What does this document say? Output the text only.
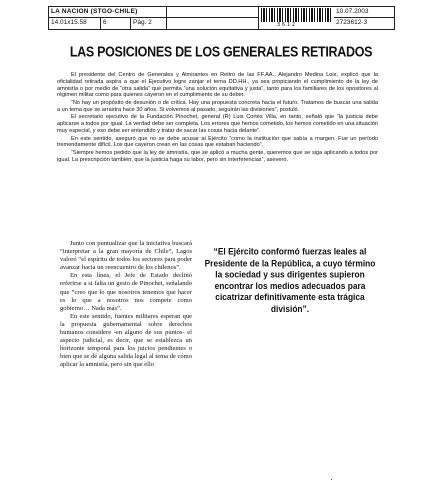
LA NACION (STGO-CHILE)
14.01x15.58	6	Pág. 2	3612
10.07.2003
2723612-3
LAS POSICIONES DE LOS GENERALES RETIRADOS

El presidente del Centro de Generales y Almirantes en Retiro de las FF.AA., Alejandro Medina Lois, explicó que la oficialidad retirada aspira a que el Ejecutivo logre zanjar el tema DD.HH., ya sea propiciando el cumplimiento de la ley de amnistía o por medio de “otra salida” que permita “una solución equitativa y justa”, tanto para los familiares de los opositores al régimen militar como para quienes cayeron en el cumplimiento de su deber.

“No hay un propósito de desunión o de crítica. Hay una propuesta concreta hacia el futuro. Tratamos de buscar una salida a un tema que se arrastra hace 30 años. Si volvemos al pasado, seguirán las divisiones”, postuló.

El secretario ejecutivo de la Fundación Pinochet, general (R) Luis Cortés Villa, en tanto, señaló que “la justicia debe aplicarse a todos por igual. La verdad debe ser completa. Los errores que hemos cometido, los hemos cometido en una situación muy especial, y eso debe ser entendido y tratar de sacar las cosas hacia delante”.

En este sentido, aseguró que no se debe acusar al Ejército “como la institución que sabía a margen. Fue un período tremendamente difícil. Los que cayeron crean en las cosas que estaban haciendo”.

“Siempre hemos pedido que la ley de amnistía, que se aplicó a mucha gente, queremos que se siga aplicando a todos por igual. La prescripción también, que la justicia haga su labor, pero sin interferencias”, aseveró.

Junto con puntualizar que la iniciativa buscará “interpretar a la gran mayoría de Chile”, Lagos valoró “el espíritu de todos los sectores para poder avanzar hacia un reencuentro de los chilenos”.

En esta línea, el Jefe de Estado declinó referirse a si falta un gesto de Pinochet, señalando que “creo que lo que nosotros tenemos que hacer es lo que a nosotros nos compete como gobierno… Nada más”.

En este sentido, fuentes militares esperan que la propuesta gubernamental sobre derechos humanos considere -en alguno de sus puntos- el aspecto judicial, es decir, que se establezca un horizonte temporal para los juicios pendientes o bien que se dé alguna salida legal al tema de cómo aplicar la amnistía, pero sin que ello

“El Ejército conformó fuerzas leales al Presidente de la República, a cuyo término la sociedad y sus dirigentes supieron encontrar los medios adecuados para cicatrizar definitivamente esta trágica división”.
